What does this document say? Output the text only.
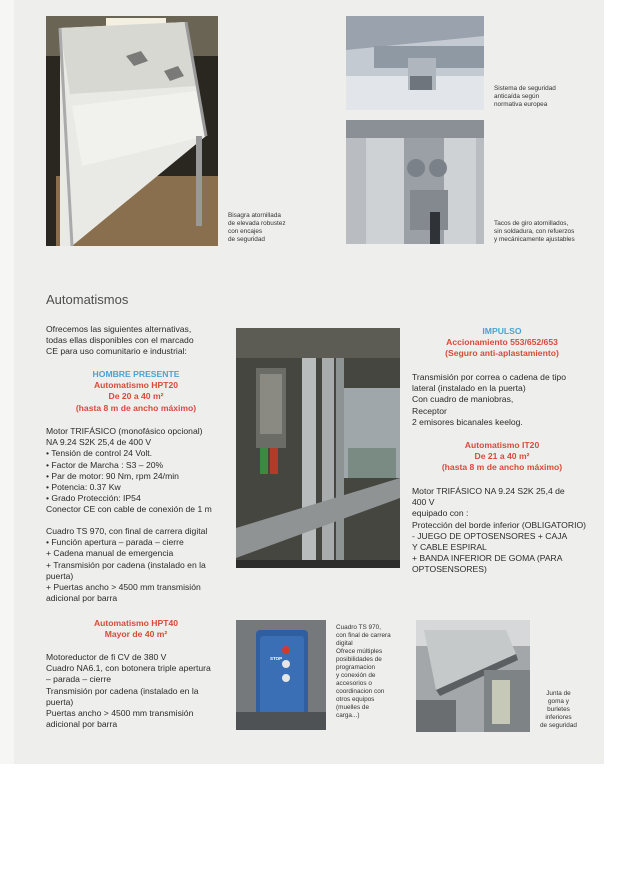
Bisagra atornillada
de elevada robustez
con encajes
de seguridad
Sistema de seguridad
anticaída según
normativa europea
Tacos de giro atornillados,
sin soldadura, con refuerzos
y mecánicamente ajustables
Automatismos
Ofrecemos las siguientes alternativas,
todas ellas disponibles con el marcado
CE para uso comunitario e industrial:
HOMBRE PRESENTE
Automatismo HPT20
De 20 a 40 m²
(hasta 8 m de ancho máximo)
Motor TRIFÁSICO (monofásico opcional)
NA 9.24 S2K 25,4 de 400 V
• Tensión de control 24 Volt.
• Factor de Marcha : S3 – 20%
• Par de motor: 90 Nm, rpm 24/min
• Potencia: 0.37 Kw
• Grado Protección: IP54
Conector CE con cable de conexión de 1 m
Cuadro TS 970, con final de carrera digital
• Función apertura – parada – cierre
+ Cadena manual de emergencia
+ Transmisión por cadena (instalado en la
puerta)
+ Puertas ancho > 4500 mm transmisión
adicional por barra
Automatismo HPT40
Mayor de 40 m²
Motoreductor de fi CV de 380 V
Cuadro NA6.1, con botonera triple apertura
– parada – cierre
Transmisión por cadena (instalado en la
puerta)
Puertas ancho > 4500 mm transmisión
adicional por barra
IMPULSO
Accionamiento 553/652/653
(Seguro anti-aplastamiento)
Transmisión por correa o cadena de tipo
lateral (instalado en la puerta)
Con cuadro de maniobras,
Receptor
2 emisores bicanales keelog.
Automatismo IT20
De 21 a 40 m²
(hasta 8 m de ancho máximo)
Motor TRIFÁSICO NA 9.24 S2K 25,4 de
400 V
equipado con :
Protección del borde inferior (OBLIGATORIO)
- JUEGO DE OPTOSENSORES + CAJA
Y CABLE ESPIRAL
+ BANDA INFERIOR DE GOMA (PARA
OPTOSENSORES)
STOP
Cuadro TS 970,
con final de carrera
digital
Ofrece múltiples
posibilidades de
programacion
y conexión de
accesorios o
coordinacion con
otros equipos
(muelles de
carga...)
Junta de
goma y
burletes
inferiores
de seguridad
